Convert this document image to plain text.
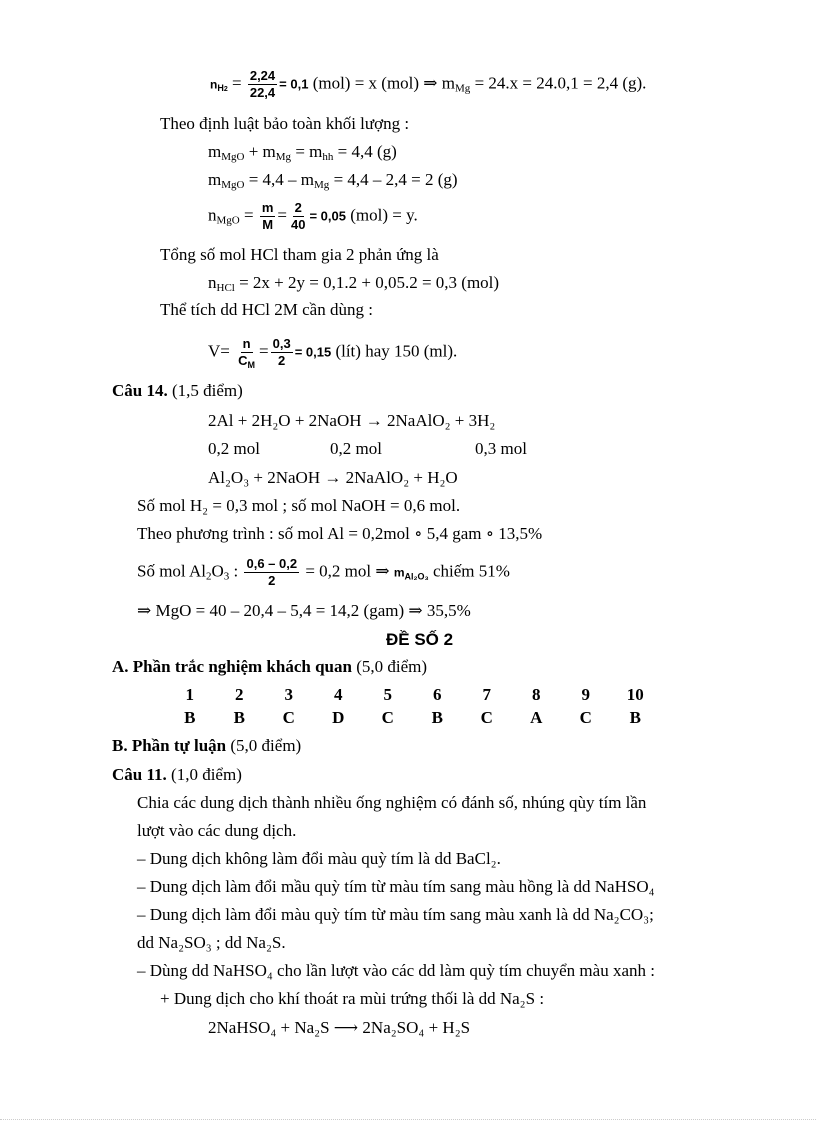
$n_{H2} = \frac{2,24}{22,4} = 0,1$ (mol) = x (mol) ⇒ $m_{Mg} = 24.x = 24.0,1 = 2,4$ (g).
Theo định luật bảo toàn khối lượng :
$m_{MgO} + m_{Mg} = m_{hh} = 4,4$ (g)
$m_{MgO} = 4,4 - m_{Mg} = 4,4 - 2,4 = 2$ (g)
$n_{MgO} = \frac{m}{M} = \frac{2}{40} = 0,05$ (mol) = y.
Tổng số mol HCl tham gia 2 phản ứng là
$n_{HCl} = 2x + 2y = 0,1.2 + 0,05.2 = 0,3$ (mol)
Thể tích dd HCl 2M cần dùng :
$V= \frac{n}{C_M} = \frac{0,3}{2} = 0,15$ (lít) hay 150 (ml).
Câu 14. (1,5 điểm)
2Al + 2H₂O + 2NaOH → 2NaAlO₂ + 3H₂
0,2 mol	0,2 mol	0,3 mol
Al₂O₃ + 2NaOH → 2NaAlO₂ + H₂O
Số mol H₂ = 0,3 mol ; số mol NaOH = 0,6 mol.
Theo phương trình : số mol Al = 0,2mol ∘ 5,4 gam ∘ 13,5%
Số mol $Al_2O_3$ : $\frac{0,6 - 0,2}{2} = 0,2$ mol ⇒ $m_{Al_2O_3}$ chiếm 51%
⇒ MgO = 40 – 20,4 – 5,4 = 14,2 (gam) ⇒ 35,5%
ĐỀ SỐ 2
A. Phần trắc nghiệm khách quan (5,0 điểm)
1	2	3	4	5	6	7	8	9	10
B	B	C	D	C	B	C	A	C	B
B. Phần tự luận (5,0 điểm)
Câu 11. (1,0 điểm)
Chia các dung dịch thành nhiều ống nghiệm có đánh số, nhúng qùy tím lần
lượt vào các dung dịch.
– Dung dịch không làm đổi màu quỳ tím là dd BaCl₂.
– Dung dịch làm đổi mầu quỳ tím từ màu tím sang màu hồng là dd NaHSO₄
– Dung dịch làm đổi màu quỳ tím từ màu tím sang màu xanh là dd Na₂CO₃;
dd Na₂SO₃ ; dd Na₂S.
– Dùng dd NaHSO₄ cho lần lượt vào các dd làm quỳ tím chuyển màu xanh :
+ Dung dịch cho khí thoát ra mùi trứng thối là dd Na₂S :
2NaHSO₄ + Na₂S ⟶ 2Na₂SO₄ + H₂S
